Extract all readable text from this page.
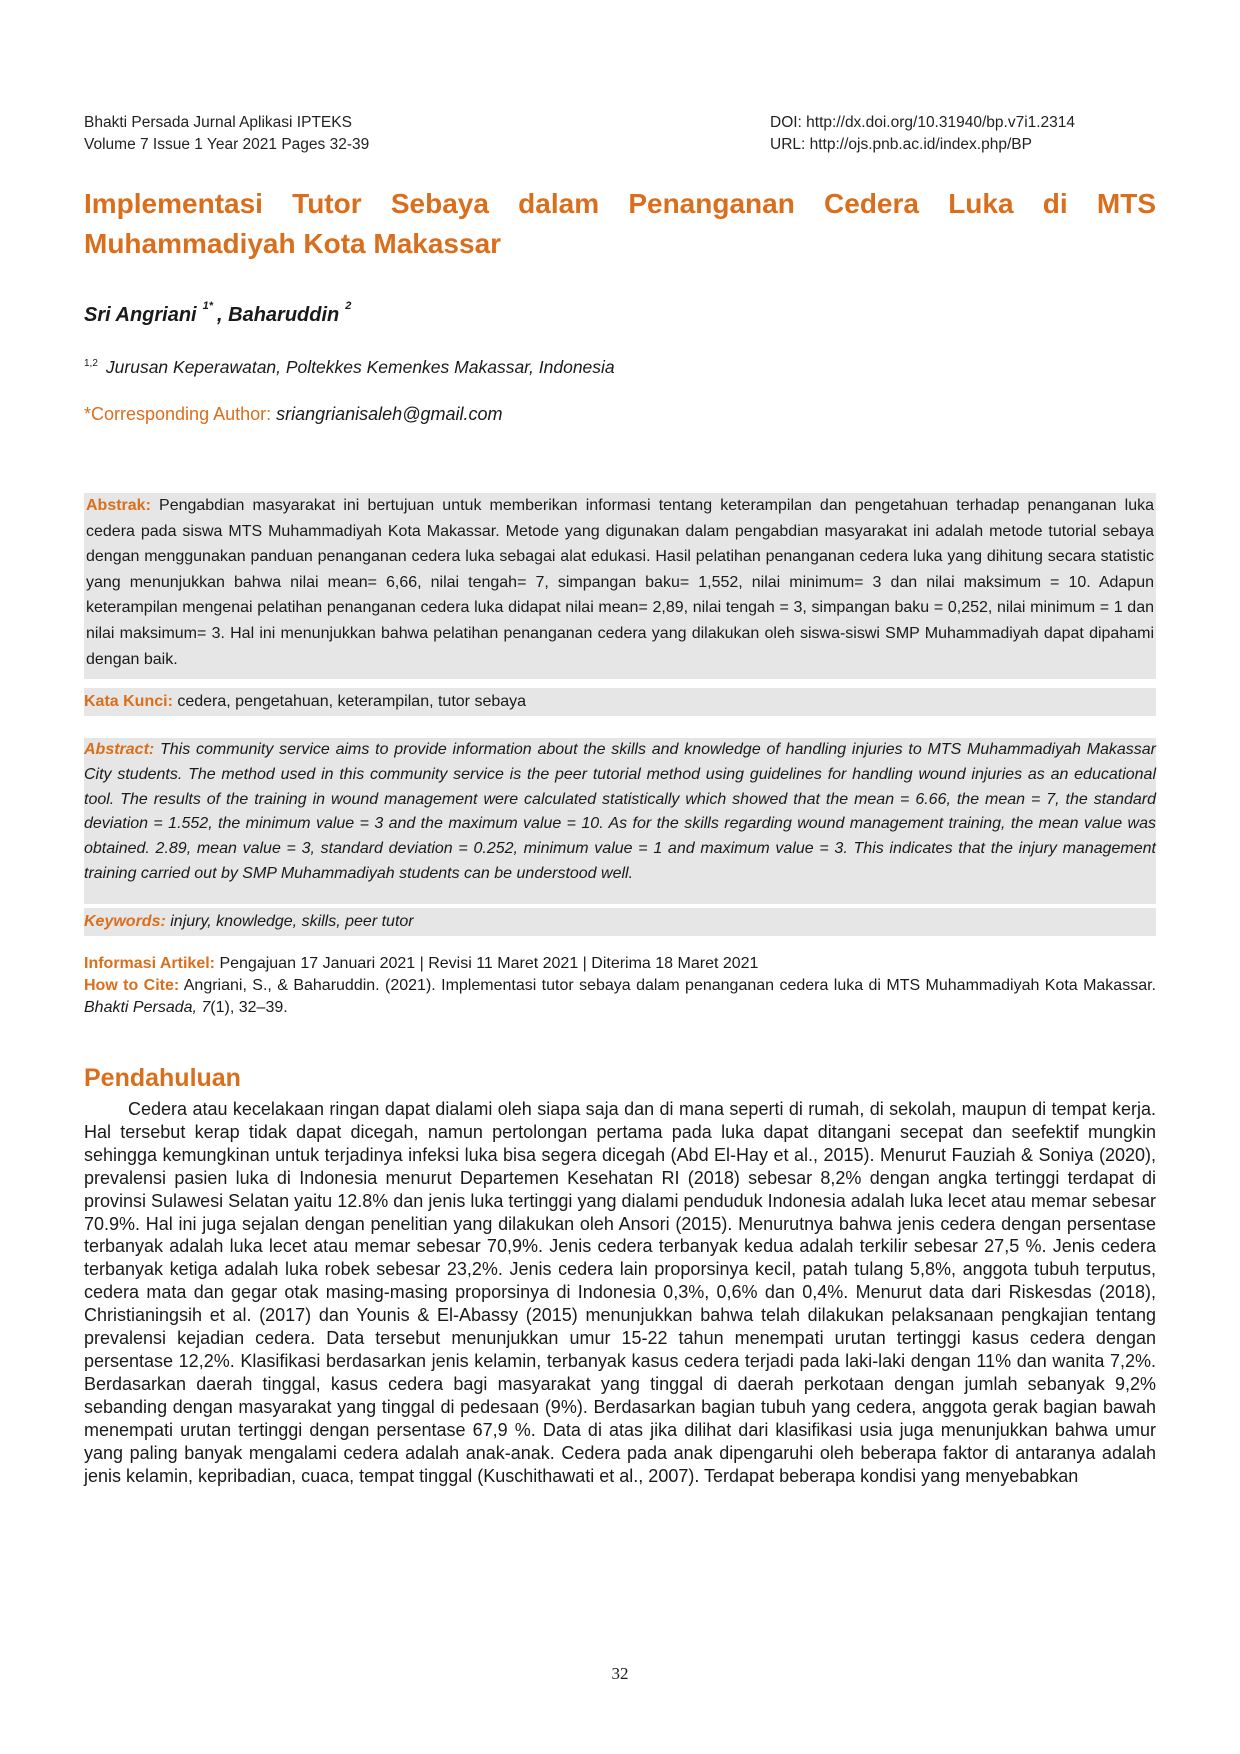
Bhakti Persada Jurnal Aplikasi IPTEKS
Volume 7 Issue 1 Year 2021 Pages 32-39
DOI: http://dx.doi.org/10.31940/bp.v7i1.2314
URL: http://ojs.pnb.ac.id/index.php/BP
Implementasi Tutor Sebaya dalam Penanganan Cedera Luka di MTS Muhammadiyah Kota Makassar
Sri Angriani $^{1*}$ , Baharuddin $^2$
$^{1,2}$ Jurusan Keperawatan, Poltekkes Kemenkes Makassar, Indonesia
*Corresponding Author: sriangrianisaleh@gmail.com
Abstrak: Pengabdian masyarakat ini bertujuan untuk memberikan informasi tentang keterampilan dan pengetahuan terhadap penanganan luka cedera pada siswa MTS Muhammadiyah Kota Makassar. Metode yang digunakan dalam pengabdian masyarakat ini adalah metode tutorial sebaya dengan menggunakan panduan penanganan cedera luka sebagai alat edukasi. Hasil pelatihan penanganan cedera luka yang dihitung secara statistic yang menunjukkan bahwa nilai mean= 6,66, nilai tengah= 7, simpangan baku= 1,552, nilai minimum= 3 dan nilai maksimum = 10. Adapun keterampilan mengenai pelatihan penanganan cedera luka didapat nilai mean= 2,89, nilai tengah = 3, simpangan baku = 0,252, nilai minimum = 1 dan nilai maksimum= 3. Hal ini menunjukkan bahwa pelatihan penanganan cedera yang dilakukan oleh siswa-siswi SMP Muhammadiyah dapat dipahami dengan baik.
Kata Kunci: cedera, pengetahuan, keterampilan, tutor sebaya
Abstract: This community service aims to provide information about the skills and knowledge of handling injuries to MTS Muhammadiyah Makassar City students. The method used in this community service is the peer tutorial method using guidelines for handling wound injuries as an educational tool. The results of the training in wound management were calculated statistically which showed that the mean = 6.66, the mean = 7, the standard deviation = 1.552, the minimum value = 3 and the maximum value = 10. As for the skills regarding wound management training, the mean value was obtained. 2.89, mean value = 3, standard deviation = 0.252, minimum value = 1 and maximum value = 3. This indicates that the injury management training carried out by SMP Muhammadiyah students can be understood well.
Keywords: injury, knowledge, skills, peer tutor
Informasi Artikel: Pengajuan 17 Januari 2021 | Revisi 11 Maret 2021 | Diterima 18 Maret 2021
How to Cite: Angriani, S., & Baharuddin. (2021). Implementasi tutor sebaya dalam penanganan cedera luka di MTS Muhammadiyah Kota Makassar. Bhakti Persada, 7(1), 32–39.
Pendahuluan
Cedera atau kecelakaan ringan dapat dialami oleh siapa saja dan di mana seperti di rumah, di sekolah, maupun di tempat kerja. Hal tersebut kerap tidak dapat dicegah, namun pertolongan pertama pada luka dapat ditangani secepat dan seefektif mungkin sehingga kemungkinan untuk terjadinya infeksi luka bisa segera dicegah (Abd El-Hay et al., 2015). Menurut Fauziah & Soniya (2020), prevalensi pasien luka di Indonesia menurut Departemen Kesehatan RI (2018) sebesar 8,2% dengan angka tertinggi terdapat di provinsi Sulawesi Selatan yaitu 12.8% dan jenis luka tertinggi yang dialami penduduk Indonesia adalah luka lecet atau memar sebesar 70.9%. Hal ini juga sejalan dengan penelitian yang dilakukan oleh Ansori (2015). Menurutnya bahwa jenis cedera dengan persentase terbanyak adalah luka lecet atau memar sebesar 70,9%. Jenis cedera terbanyak kedua adalah terkilir sebesar 27,5 %. Jenis cedera terbanyak ketiga adalah luka robek sebesar 23,2%. Jenis cedera lain proporsinya kecil, patah tulang 5,8%, anggota tubuh terputus, cedera mata dan gegar otak masing-masing proporsinya di Indonesia 0,3%, 0,6% dan 0,4%. Menurut data dari Riskesdas (2018), Christianingsih et al. (2017) dan Younis & El-Abassy (2015) menunjukkan bahwa telah dilakukan pelaksanaan pengkajian tentang prevalensi kejadian cedera. Data tersebut menunjukkan umur 15-22 tahun menempati urutan tertinggi kasus cedera dengan persentase 12,2%. Klasifikasi berdasarkan jenis kelamin, terbanyak kasus cedera terjadi pada laki-laki dengan 11% dan wanita 7,2%. Berdasarkan daerah tinggal, kasus cedera bagi masyarakat yang tinggal di daerah perkotaan dengan jumlah sebanyak 9,2% sebanding dengan masyarakat yang tinggal di pedesaan (9%). Berdasarkan bagian tubuh yang cedera, anggota gerak bagian bawah menempati urutan tertinggi dengan persentase 67,9 %. Data di atas jika dilihat dari klasifikasi usia juga menunjukkan bahwa umur yang paling banyak mengalami cedera adalah anak-anak. Cedera pada anak dipengaruhi oleh beberapa faktor di antaranya adalah jenis kelamin, kepribadian, cuaca, tempat tinggal (Kuschithawati et al., 2007). Terdapat beberapa kondisi yang menyebabkan
32
